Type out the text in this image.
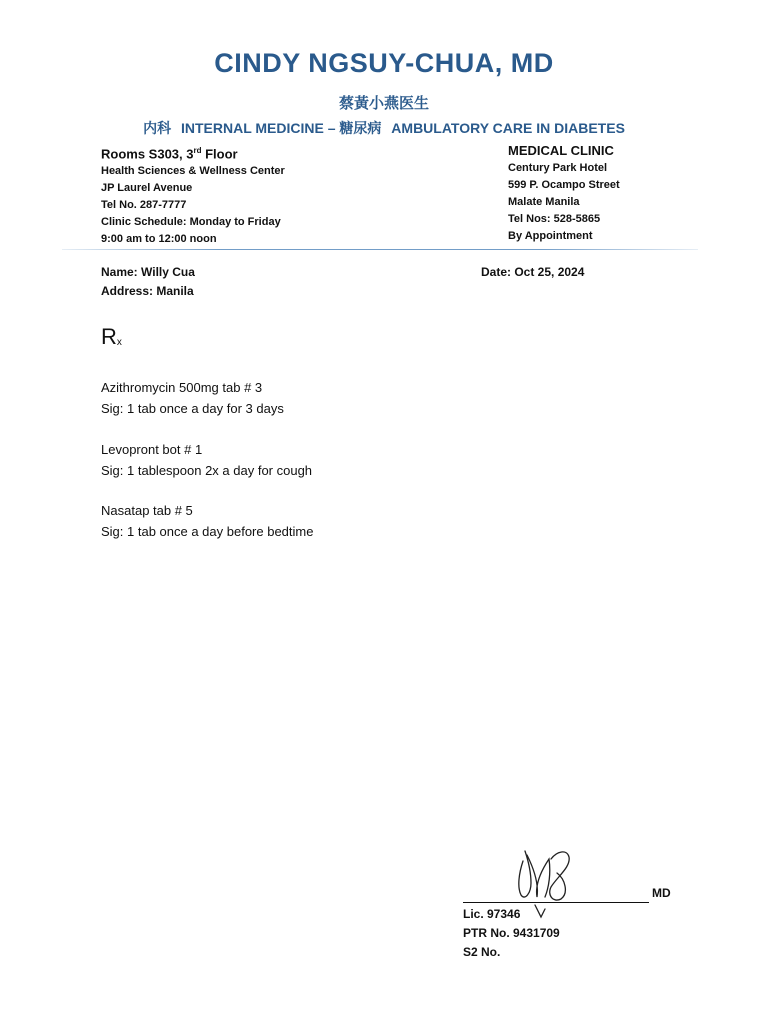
CINDY NGSUY-CHUA, MD
蔡黃小燕医生
内科 INTERNAL MEDICINE – 糖尿病 AMBULATORY CARE IN DIABETES
Rooms S303, 3rd Floor
Health Sciences & Wellness Center
JP Laurel Avenue
Tel No. 287-7777
Clinic Schedule: Monday to Friday
9:00 am to 12:00 noon
MEDICAL CLINIC
Century Park Hotel
599 P. Ocampo Street
Malate Manila
Tel Nos: 528-5865
By Appointment
Name: Willy Cua
Address: Manila
Date: Oct 25, 2024
$R_x$
Azithromycin 500mg tab # 3
Sig: 1 tab once a day for 3 days
Levopront bot # 1
Sig: 1 tablespoon 2x a day for cough
Nasatap tab # 5
Sig: 1 tab once a day before bedtime
MD
Lic. 97346
PTR No. 9431709
S2 No.
